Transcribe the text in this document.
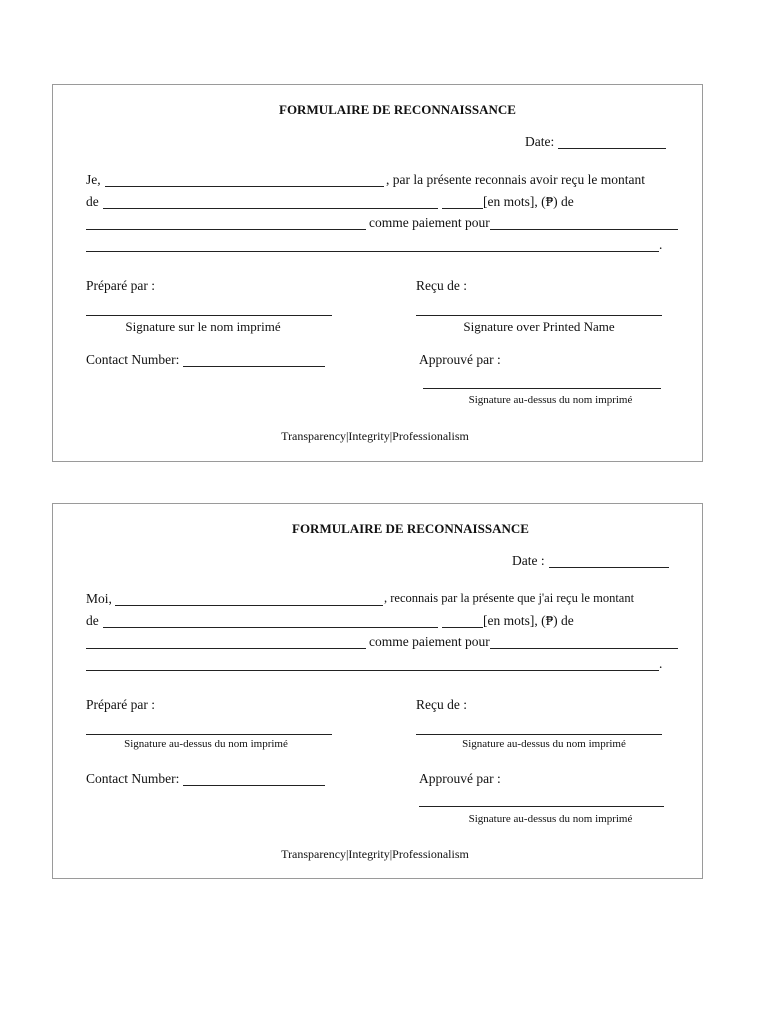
FORMULAIRE DE RECONNAISSANCE
Date:
Je,	, par la présente reconnais avoir reçu le montant
de	[en mots], (₱) de
comme paiement pour
.
Préparé par :	Reçu de :
Signature sur le nom imprimé	Signature over Printed Name
Contact Number:	Approuvé par :
Signature au-dessus du nom imprimé
Transparency|Integrity|Professionalism
FORMULAIRE DE RECONNAISSANCE
Date :
Moi,	, reconnais par la présente que j'ai reçu le montant
de	[en mots], (₱) de
comme paiement pour
.
Préparé par :	Reçu de :
Signature au-dessus du nom imprimé	Signature au-dessus du nom imprimé
Contact Number:	Approuvé par :
Signature au-dessus du nom imprimé
Transparency|Integrity|Professionalism
